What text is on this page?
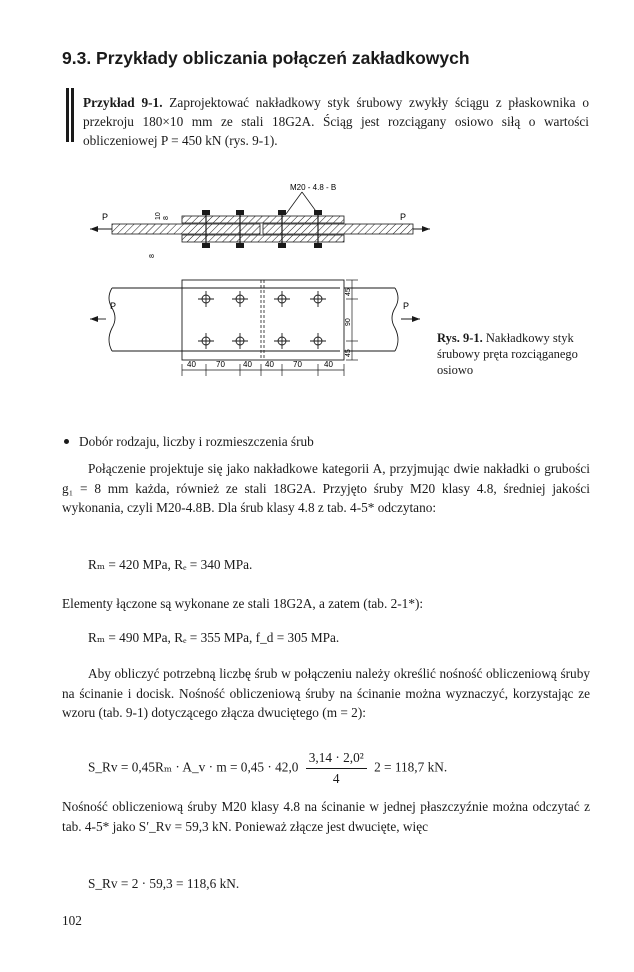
9.3. Przykłady obliczania połączeń zakładkowych
Przykład 9-1. Zaprojektować nakładkowy styk śrubowy zwykły ściągu z płaskownika o przekroju 180×10 mm ze stali 18G2A. Ściąg jest rozciągany osiowo siłą o wartości obliczeniowej P = 450 kN (rys. 9-1).
M20 - 4.8 - B
P	P
10 8
8
P	P
45
90
45
40	70 40 40 70	40
Rys. 9-1. Nakładkowy styk śrubowy pręta rozciąganego osiowo
Dobór rodzaju, liczby i rozmieszczenia śrub
Połączenie projektuje się jako nakładkowe kategorii A, przyjmując dwie nakładki o grubości g₁ = 8 mm każda, również ze stali 18G2A. Przyjęto śruby M20 klasy 4.8, średniej jakości wykonania, czyli M20-4.8B. Dla śrub klasy 4.8 z tab. 4-5* odczytano:
Rₘ = 420 MPa, Rₑ = 340 MPa.
Elementy łączone są wykonane ze stali 18G2A, a zatem (tab. 2-1*):
Rₘ = 490 MPa, Rₑ = 355 MPa, f_d = 305 MPa.
Aby obliczyć potrzebną liczbę śrub w połączeniu należy określić nośność obliczeniową śruby na ścinanie i docisk. Nośność obliczeniową śruby na ścinanie można wyznaczyć, korzystając ze wzoru (tab. 9-1) dotyczącego złącza dwuciętego (m = 2):
S_Rv = 0,45Rₘ · A_v · $m = 0,45 \cdot 42,0 \frac{\text{3,14 · 2,0²}}{4} 2 = 118,7$ kN.
Nośność obliczeniową śruby M20 klasy 4.8 na ścinanie w jednej płaszczyźnie można odczytać z tab. 4-5* jako S′_Rv = 59,3 kN. Ponieważ złącze jest dwucięte, więc
S_Rv = 2 · 59,3 = 118,6 kN.
102
